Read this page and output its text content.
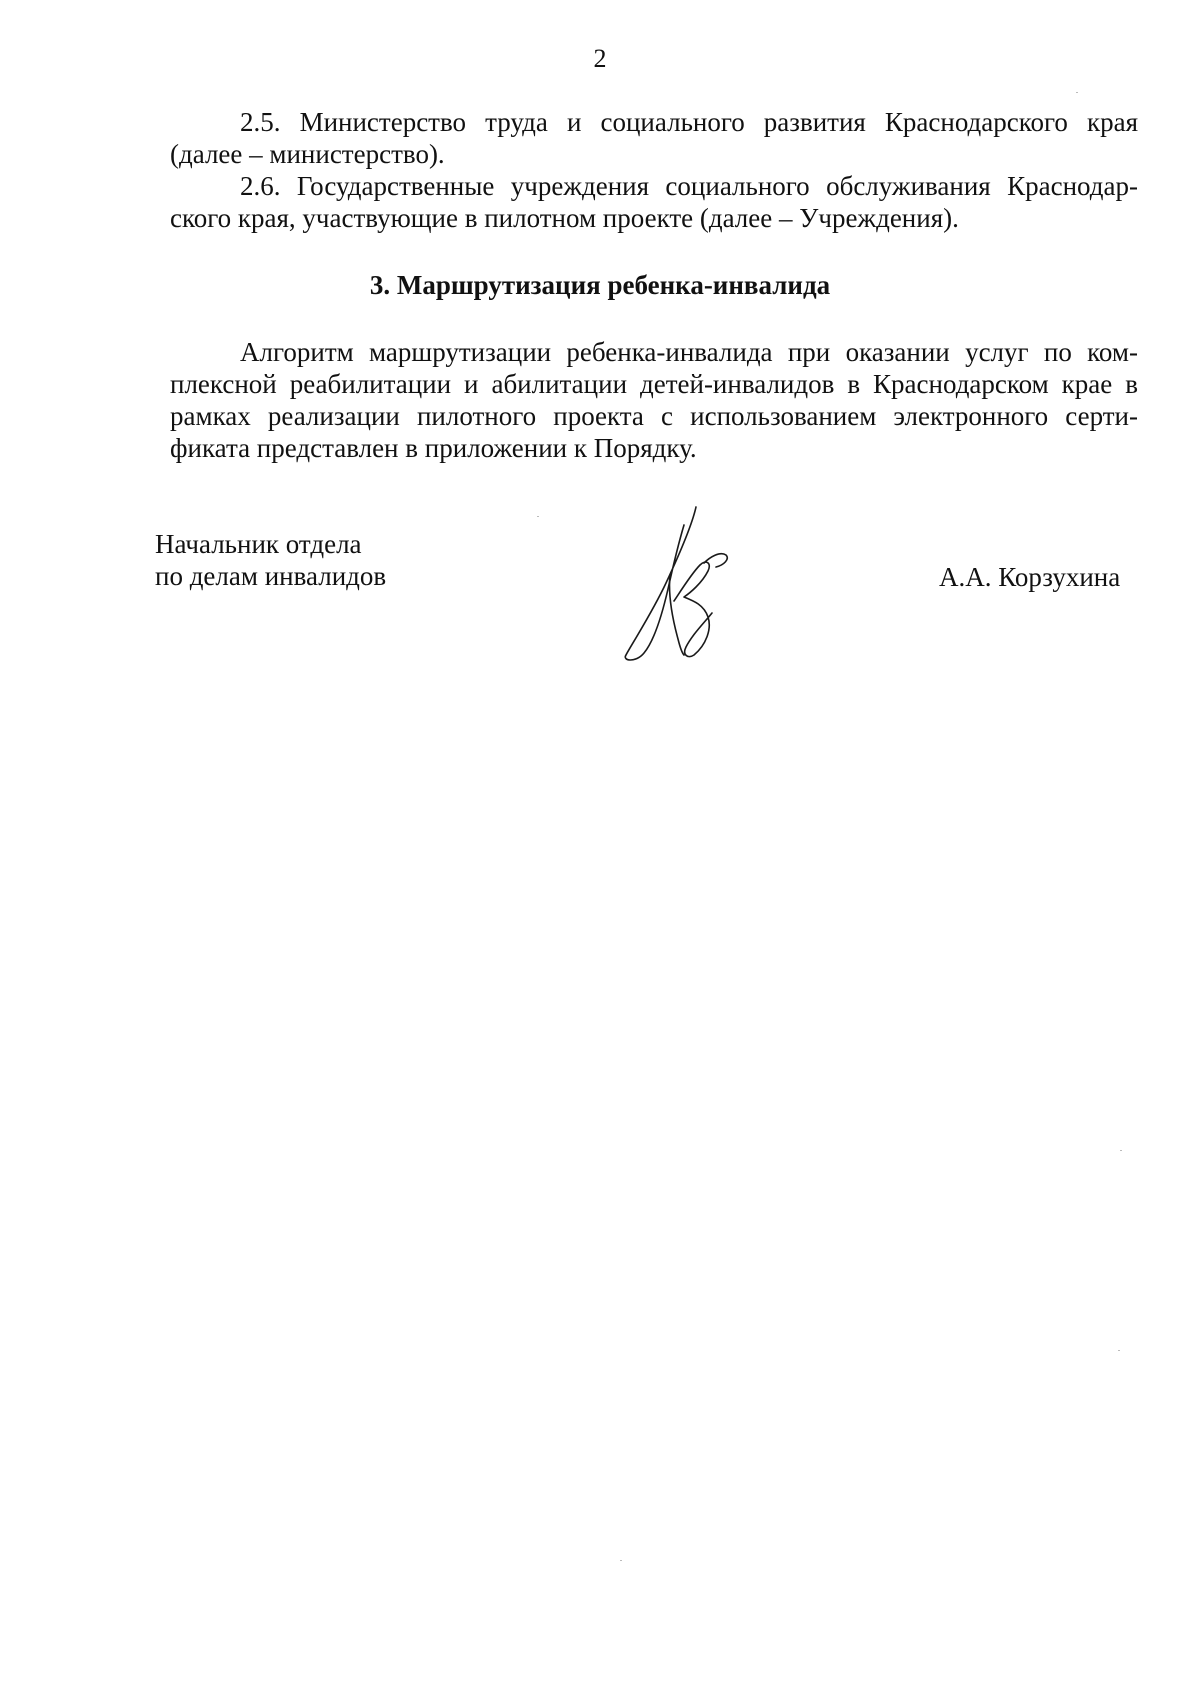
2
2.5. Министерство труда и социального развития Краснодарского края
(далее – министерство).
2.6. Государственные учреждения социального обслуживания Краснодар-
ского края, участвующие в пилотном проекте (далее – Учреждения).
3. Маршрутизация ребенка-инвалида
Алгоритм маршрутизации ребенка-инвалида при оказании услуг по ком-
плексной реабилитации и абилитации детей-инвалидов в Краснодарском крае в
рамках реализации пилотного проекта с использованием электронного серти-
фиката представлен в приложении к Порядку.
Начальник отдела
по делам инвалидов	А.А. Корзухина
